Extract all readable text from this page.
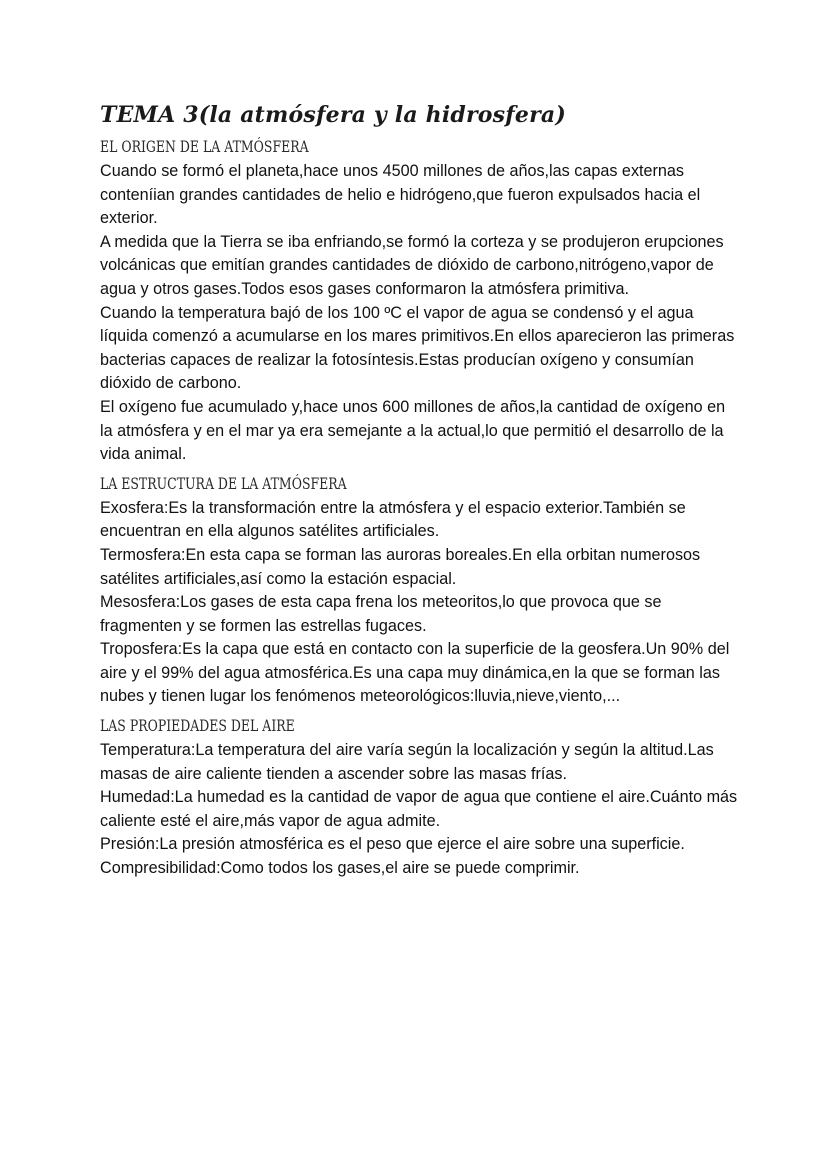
TEMA 3(la atmósfera y la hidrosfera)
EL ORIGEN DE LA ATMÓSFERA

Cuando se formó el planeta,hace unos 4500 millones de años,las capas externas conteníian grandes cantidades de helio e hidrógeno,que fueron expulsados hacia el exterior.

A medida que la Tierra se iba enfriando,se formó la corteza y se produjeron erupciones volcánicas que emitían grandes cantidades de dióxido de carbono,nitrógeno,vapor de agua y otros gases.Todos esos gases conformaron la atmósfera primitiva.

Cuando la temperatura bajó de los 100 ºC el vapor de agua se condensó y el agua líquida comenzó a acumularse en los mares primitivos.En ellos aparecieron las primeras bacterias capaces de realizar la fotosíntesis.Estas producían oxígeno y consumían dióxido de carbono.

El oxígeno fue acumulado y,hace unos 600 millones de años,la cantidad de oxígeno en la atmósfera y en el mar ya era semejante a la actual,lo que permitió el desarrollo de la vida animal.

LA ESTRUCTURA DE LA ATMÓSFERA

Exosfera:Es la transformación entre la atmósfera y el espacio exterior.También se encuentran en ella algunos satélites artificiales.

Termosfera:En esta capa se forman las auroras boreales.En ella orbitan numerosos satélites artificiales,así como la estación espacial.

Mesosfera:Los gases de esta capa frena los meteoritos,lo que provoca que se fragmenten y se formen las estrellas fugaces.

Troposfera:Es la capa que está en contacto con la superficie de la geosfera.Un 90% del aire y el 99% del agua atmosférica.Es una capa muy dinámica,en la que se forman las nubes y tienen lugar los fenómenos meteorológicos:lluvia,nieve,viento,...

LAS PROPIEDADES DEL AIRE

Temperatura:La temperatura del aire varía según la localización y según la altitud.Las masas de aire caliente tienden a ascender sobre las masas frías.

Humedad:La humedad es la cantidad de vapor de agua que contiene el aire.Cuánto más caliente esté el aire,más vapor de agua admite.

Presión:La presión atmosférica es el peso que ejerce el aire sobre una superficie.

Compresibilidad:Como todos los gases,el aire se puede comprimir.
